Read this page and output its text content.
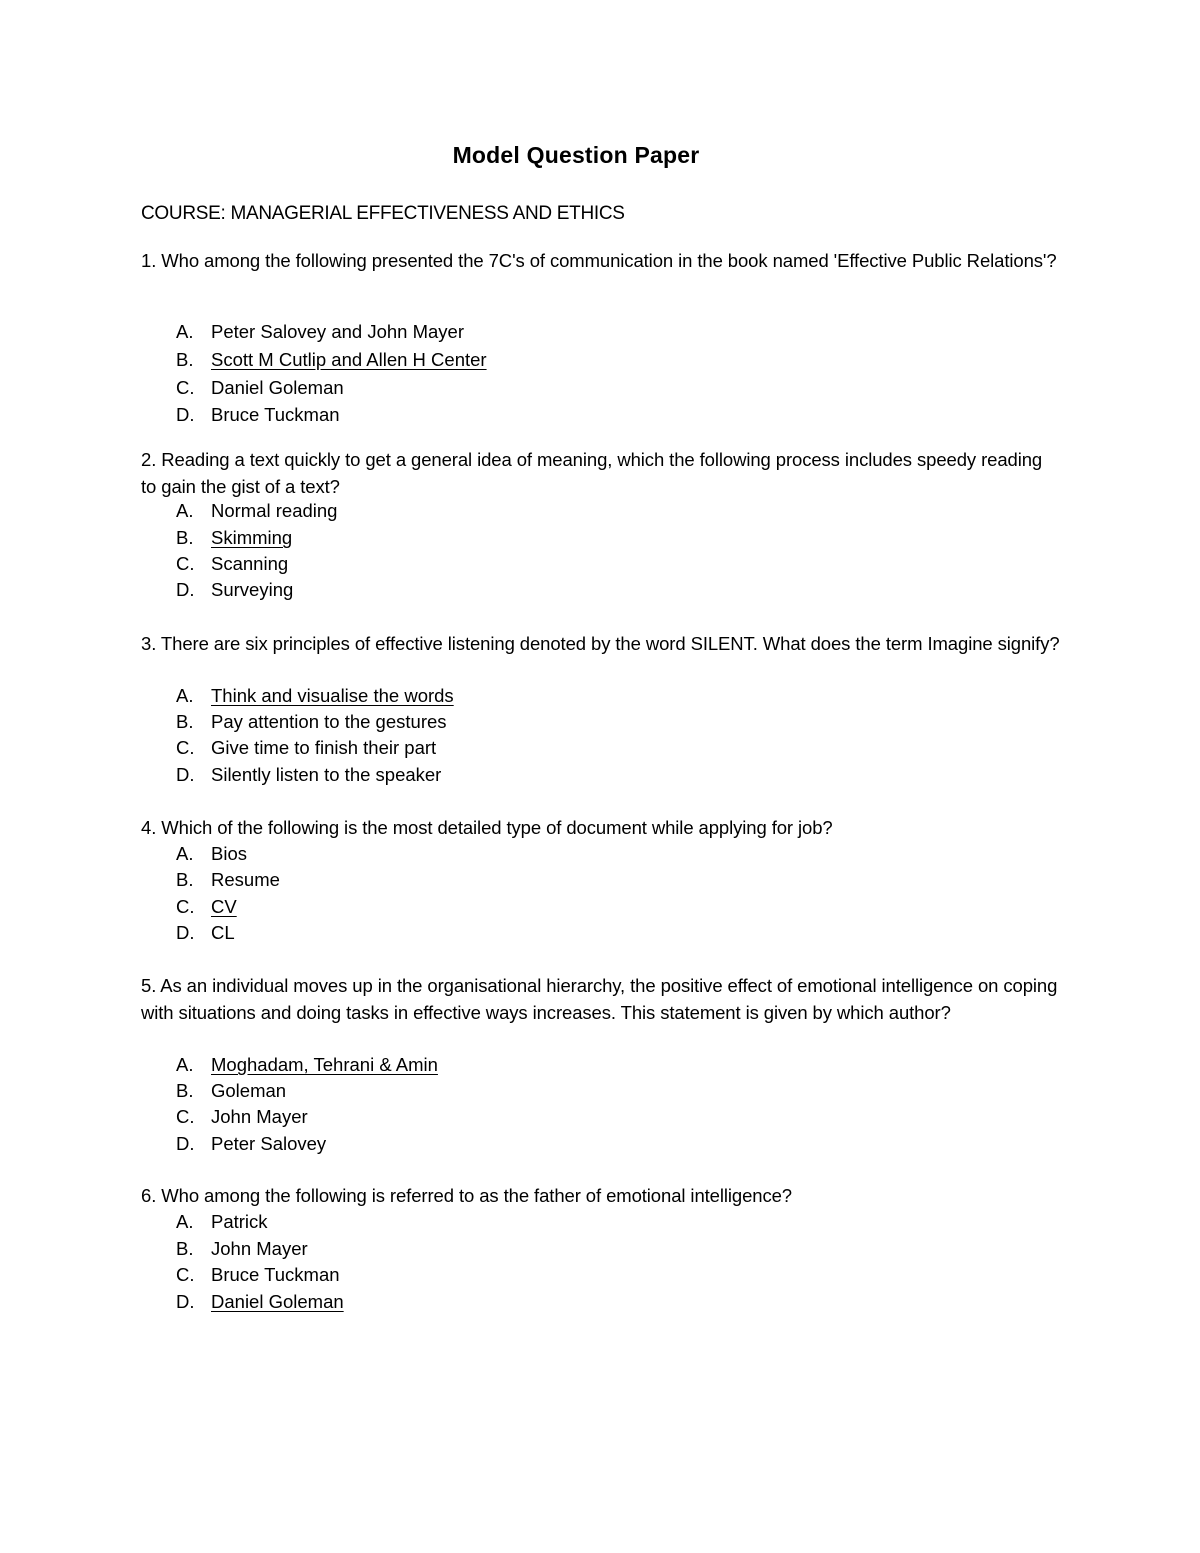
Model Question Paper
COURSE: MANAGERIAL EFFECTIVENESS AND ETHICS
1. Who among the following presented the 7C's of communication in the book named 'Effective Public Relations'?
A. Peter Salovey and John Mayer
B. Scott M Cutlip and Allen H Center
C. Daniel Goleman
D. Bruce Tuckman
2. Reading a text quickly to get a general idea of meaning, which the following process includes speedy reading to gain the gist of a text?
A. Normal reading
B. Skimming
C. Scanning
D. Surveying
3. There are six principles of effective listening denoted by the word SILENT. What does the term Imagine signify?
A. Think and visualise the words
B. Pay attention to the gestures
C. Give time to finish their part
D. Silently listen to the speaker
4. Which of the following is the most detailed type of document while applying for job?
A. Bios
B. Resume
C. CV
D. CL
5. As an individual moves up in the organisational hierarchy, the positive effect of emotional intelligence on coping with situations and doing tasks in effective ways increases. This statement is given by which author?
A. Moghadam, Tehrani & Amin
B. Goleman
C. John Mayer
D. Peter Salovey
6. Who among the following is referred to as the father of emotional intelligence?
A. Patrick
B. John Mayer
C. Bruce Tuckman
D. Daniel Goleman
